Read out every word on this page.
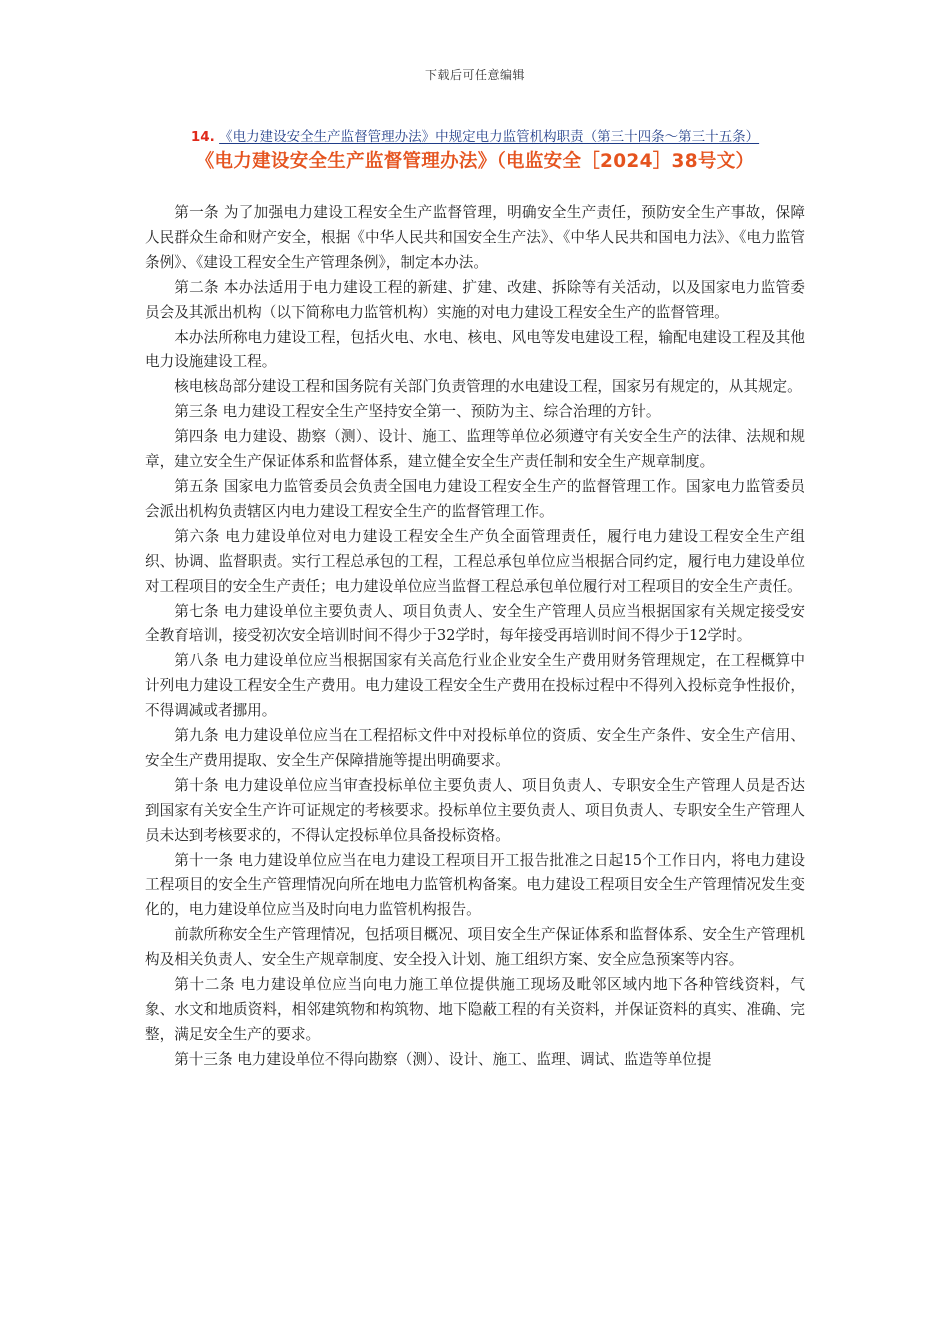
下载后可任意编辑
14. 《电力建设安全生产监督管理办法》中规定电力监管机构职责（第三十四条～第三十五条）
《电力建设安全生产监督管理办法》（电监安全［2024］38号文）

第一条 为了加强电力建设工程安全生产监督管理，明确安全生产责任，预防安全生产事故，保障人民群众生命和财产安全，根据《中华人民共和国安全生产法》、《中华人民共和国电力法》、《电力监管条例》、《建设工程安全生产管理条例》，制定本办法。

第二条 本办法适用于电力建设工程的新建、扩建、改建、拆除等有关活动，以及国家电力监管委员会及其派出机构（以下简称电力监管机构）实施的对电力建设工程安全生产的监督管理。

本办法所称电力建设工程，包括火电、水电、核电、风电等发电建设工程，输配电建设工程及其他电力设施建设工程。

核电核岛部分建设工程和国务院有关部门负责管理的水电建设工程，国家另有规定的，从其规定。

第三条 电力建设工程安全生产坚持安全第一、预防为主、综合治理的方针。

第四条 电力建设、勘察（测）、设计、施工、监理等单位必须遵守有关安全生产的法律、法规和规章，建立安全生产保证体系和监督体系，建立健全安全生产责任制和安全生产规章制度。

第五条 国家电力监管委员会负责全国电力建设工程安全生产的监督管理工作。国家电力监管委员会派出机构负责辖区内电力建设工程安全生产的监督管理工作。

第六条 电力建设单位对电力建设工程安全生产负全面管理责任，履行电力建设工程安全生产组织、协调、监督职责。实行工程总承包的工程，工程总承包单位应当根据合同约定，履行电力建设单位对工程项目的安全生产责任；电力建设单位应当监督工程总承包单位履行对工程项目的安全生产责任。

第七条 电力建设单位主要负责人、项目负责人、安全生产管理人员应当根据国家有关规定接受安全教育培训，接受初次安全培训时间不得少于32学时，每年接受再培训时间不得少于12学时。

第八条 电力建设单位应当根据国家有关高危行业企业安全生产费用财务管理规定，在工程概算中计列电力建设工程安全生产费用。电力建设工程安全生产费用在投标过程中不得列入投标竞争性报价，不得调减或者挪用。

第九条 电力建设单位应当在工程招标文件中对投标单位的资质、安全生产条件、安全生产信用、安全生产费用提取、安全生产保障措施等提出明确要求。

第十条 电力建设单位应当审查投标单位主要负责人、项目负责人、专职安全生产管理人员是否达到国家有关安全生产许可证规定的考核要求。投标单位主要负责人、项目负责人、专职安全生产管理人员未达到考核要求的，不得认定投标单位具备投标资格。

第十一条 电力建设单位应当在电力建设工程项目开工报告批准之日起15个工作日内，将电力建设工程项目的安全生产管理情况向所在地电力监管机构备案。电力建设工程项目安全生产管理情况发生变化的，电力建设单位应当及时向电力监管机构报告。

前款所称安全生产管理情况，包括项目概况、项目安全生产保证体系和监督体系、安全生产管理机构及相关负责人、安全生产规章制度、安全投入计划、施工组织方案、安全应急预案等内容。

第十二条 电力建设单位应当向电力施工单位提供施工现场及毗邻区域内地下各种管线资料，气象、水文和地质资料，相邻建筑物和构筑物、地下隐蔽工程的有关资料，并保证资料的真实、准确、完整，满足安全生产的要求。

第十三条 电力建设单位不得向勘察（测）、设计、施工、监理、调试、监造等单位提
